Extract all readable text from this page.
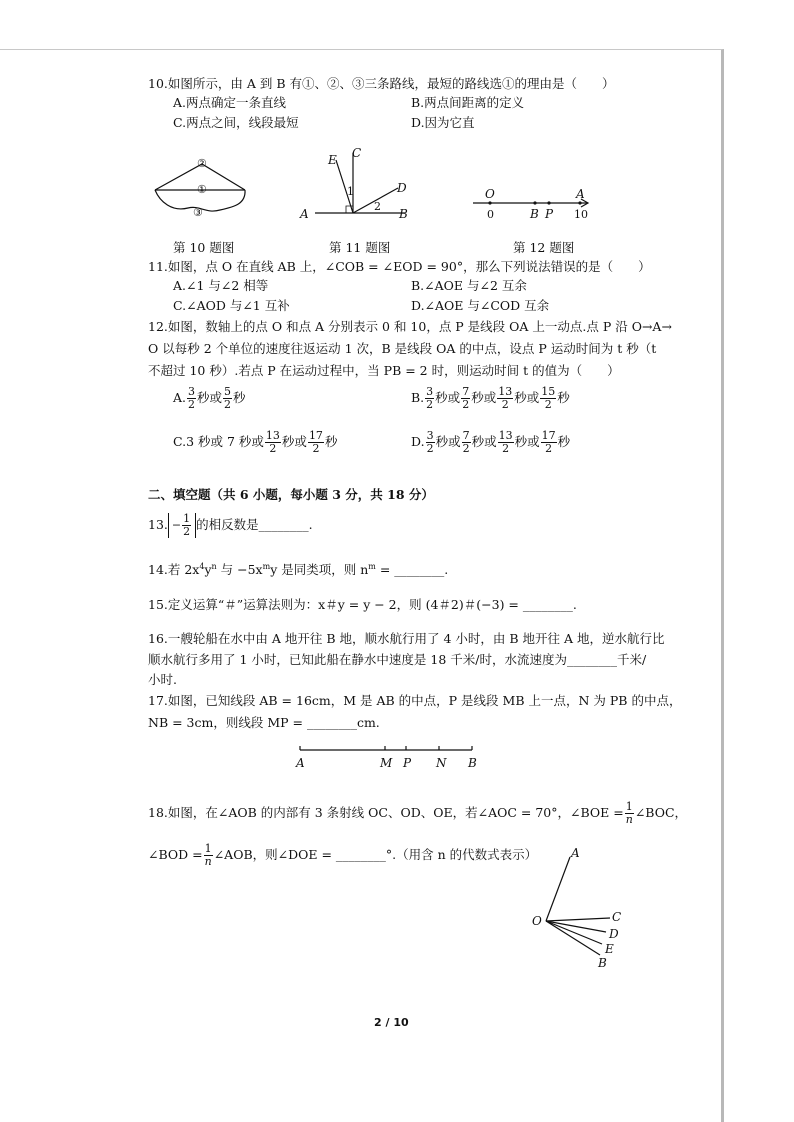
10.如图所示，由 A 到 B 有①、②、③三条路线，最短的路线选①的理由是（　　）
A.两点确定一条直线	B.两点间距离的定义
C.两点之间，线段最短	D.因为它直
②
①
③
第 10 题图
E C
D
A	B
1
2
第 11 题图
O	A
0	B P 10
第 12 题图
11.如图，点 O 在直线 AB 上，∠COB = ∠EOD = 90°，那么下列说法错误的是（　　）
A.∠1 与∠2 相等	B.∠AOE 与∠2 互余
C.∠AOD 与∠1 互补	D.∠AOE 与∠COD 互余
12.如图，数轴上的点 O 和点 A 分别表示 0 和 10，点 P 是线段 OA 上一动点.点 P 沿 O→A→
O 以每秒 2 个单位的速度往返运动 1 次，B 是线段 OA 的中点，设点 P 运动时间为 t 秒（t
不超过 10 秒）.若点 P 在运动过程中，当 PB = 2 时，则运动时间 t 的值为（　　）
A. $\frac{3}{2}$ 秒或 $\frac{5}{2}$ 秒	B. $\frac{3}{2}$ 秒或 $\frac{7}{2}$ 秒或 $\frac{13}{2}$ 秒或 $\frac{15}{2}$ 秒
C.3 秒或 7 秒或 $\frac{13}{2}$ 秒或 $\frac{17}{2}$ 秒	D. $\frac{3}{2}$ 秒或 $\frac{7}{2}$ 秒或 $\frac{13}{2}$ 秒或 $\frac{17}{2}$ 秒
二、填空题（共 6 小题，每小题 3 分，共 18 分）
13. − $\frac{1}{2}$ 的相反数是________.
14.若 $2x^4y^n$ 与 $-5x^my$ 是同类项，则 $n^m$ = ________.
15.定义运算“＃”运算法则为：x＃y = y − 2，则 (4＃2)＃(−3) = ________.
16.一艘轮船在水中由 A 地开往 B 地，顺水航行用了 4 小时，由 B 地开往 A 地，逆水航行比
顺水航行多用了 1 小时，已知此船在静水中速度是 18 千米/时，水流速度为________千米/
小时.
17.如图，已知线段 AB = 16cm，M 是 AB 的中点，P 是线段 MB 上一点，N 为 PB 的中点，
NB = 3cm，则线段 MP = ________cm.
A	M P N B
18.如图，在∠AOB 的内部有 3 条射线 OC、OD、OE，若∠AOC = 70°，∠BOE = $\frac{1}{n}$ ∠BOC，
∠BOD = $\frac{1}{n}$ ∠AOB，则∠DOE = ________°.（用含 n 的代数式表示）	A
O	C
D
E
B
2 / 10
